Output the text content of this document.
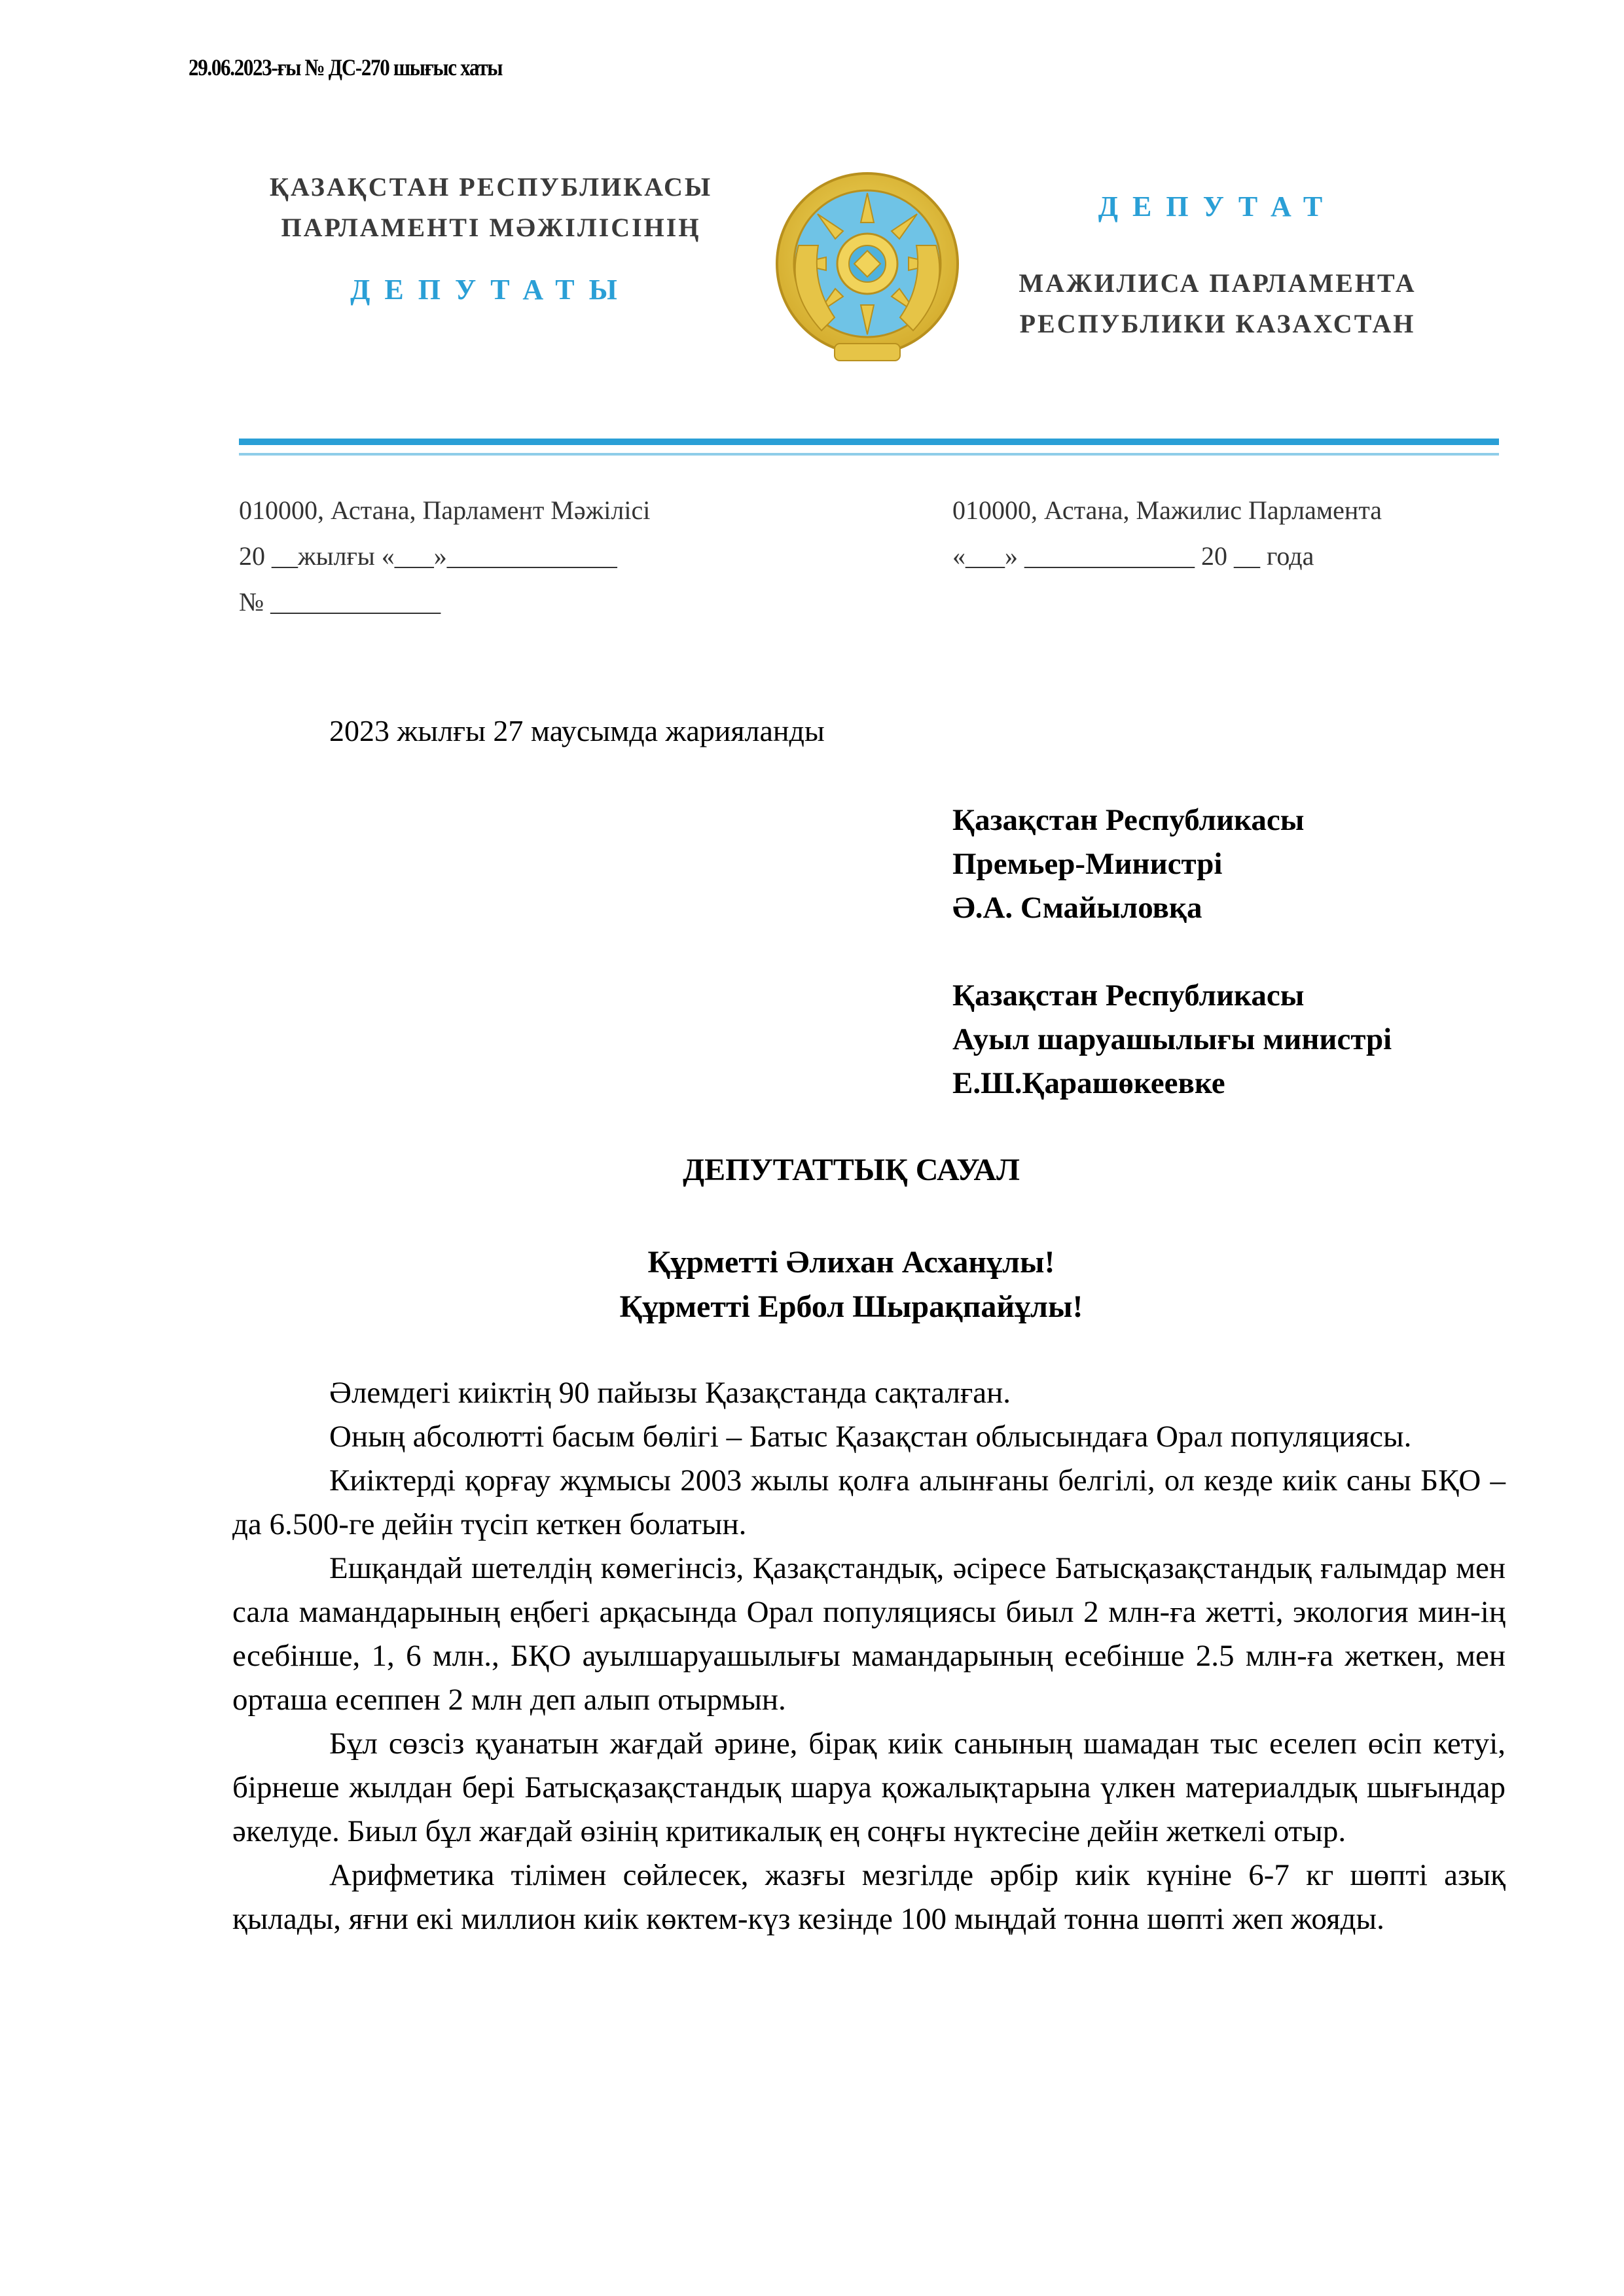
29.06.2023-ғы № ДС-270 шығыс хаты
ҚАЗАҚСТАН РЕСПУБЛИКАСЫ
ПАРЛАМЕНТІ МӘЖІЛІСІНІҢ
ДЕПУТАТЫ
ДЕПУТАТ
МАЖИЛИСА ПАРЛАМЕНТА
РЕСПУБЛИКИ КАЗАХСТАН
010000, Астана, Парламент Мәжілісі
20 __жылғы «___»_____________
№ _____________
010000, Астана, Мажилис Парламента
«___» _____________ 20 __ года
2023 жылғы 27 маусымда жарияланды
Қазақстан Республикасы
Премьер-Министрі
Ә.А. Смайыловқа
Қазақстан Республикасы
Ауыл шаруашылығы министрі
Е.Ш.Қарашөкеевке
ДЕПУТАТТЫҚ САУАЛ
Құрметті Әлихан Асханұлы!
Құрметті Ербол Шырақпайұлы!

Әлемдегі киіктің 90 пайызы Қазақстанда сақталған.

Оның абсолютті басым бөлігі – Батыс Қазақстан облысындаға Орал популяциясы.

Киіктерді қорғау жұмысы 2003 жылы қолға алынғаны белгілі, ол кезде киік саны БҚО –да 6.500-ге дейін түсіп кеткен болатын.

Ешқандай шетелдің көмегінсіз, Қазақстандық, әсіресе Батысқазақстандық ғалымдар мен сала мамандарының еңбегі арқасында Орал популяциясы биыл 2 млн-ға жетті, экология мин-ің есебінше, 1, 6 млн., БҚО ауылшаруашылығы мамандарының есебінше 2.5 млн-ға жеткен, мен орташа есеппен 2 млн деп алып отырмын.

Бұл сөзсіз қуанатын жағдай әрине, бірақ киік санының шамадан тыс еселеп өсіп кетуі, бірнеше жылдан бері Батысқазақстандық шаруа қожалықтарына үлкен материалдық шығындар әкелуде. Биыл бұл жағдай өзінің критикалық ең соңғы нүктесіне дейін жеткелі отыр.

Арифметика тілімен сөйлесек, жазғы мезгілде әрбір киік күніне 6-7 кг шөпті азық қылады, яғни екі миллион киік көктем-күз кезінде 100 мыңдай тонна шөпті жеп жояды.
